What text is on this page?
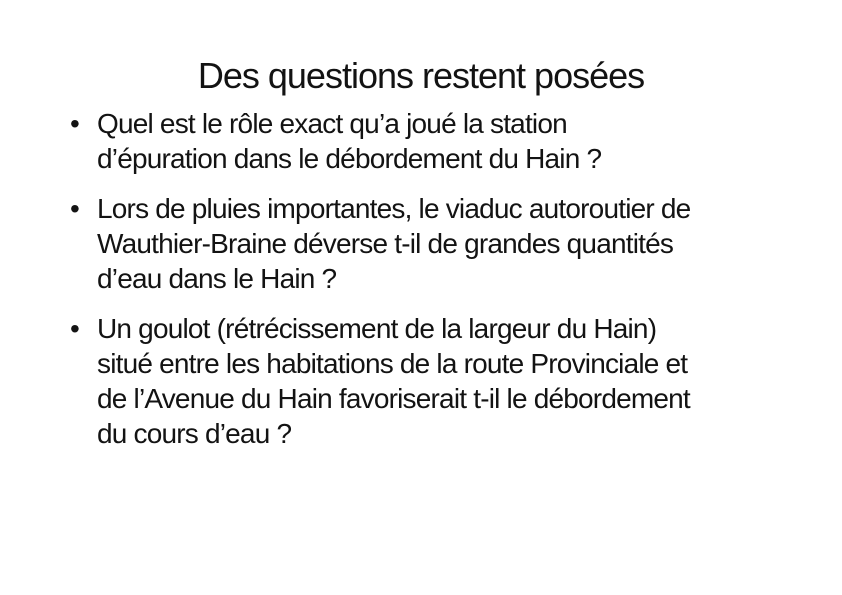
Des questions restent posées
• Quel est le rôle exact qu’a joué la station
d’épuration dans le débordement du Hain ?
• Lors de pluies importantes, le viaduc autoroutier de
Wauthier-Braine déverse t-il de grandes quantités
d’eau dans le Hain ?
• Un goulot (rétrécissement de la largeur du Hain)
situé entre les habitations de la route Provinciale et
de l’Avenue du Hain favoriserait t-il le débordement
du cours d’eau ?
